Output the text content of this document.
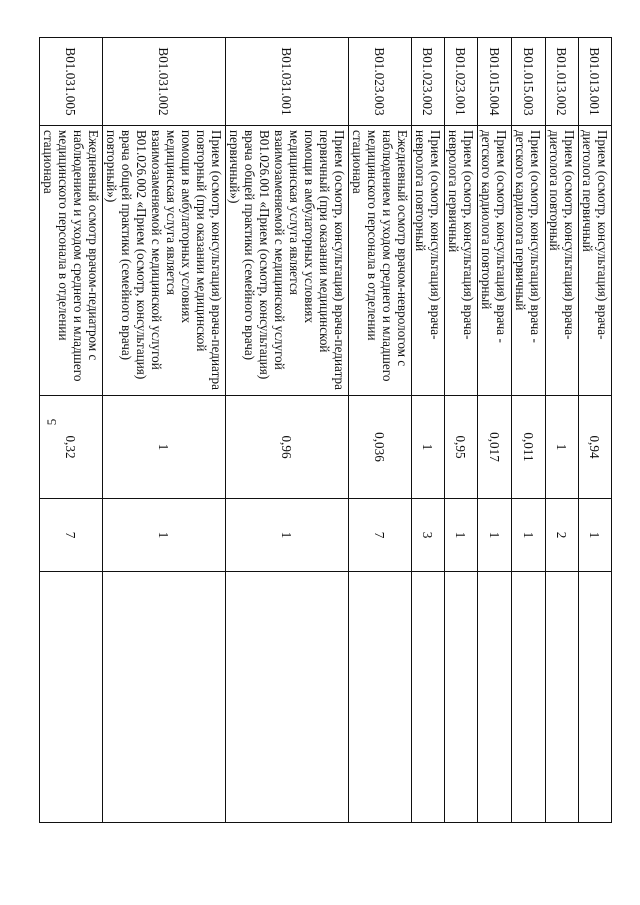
5
B01.013.001	Прием (осмотр, консультация) врача-диетолога первичный	0,94	1	
B01.013.002	Прием (осмотр, консультация) врача-диетолога повторный	1	2	
B01.015.003	Прием (осмотр, консультация) врача - детского кардиолога первичный	0,011	1	
B01.015.004	Прием (осмотр, консультация) врача - детского кардиолога повторный	0,017	1	
B01.023.001	Прием (осмотр, консультация) врача-невролога первичный	0,95	1	
B01.023.002	Прием (осмотр, консультация) врача-невролога повторный	1	3	
B01.023.003	Ежедневный осмотр врачом-неврологом с наблюдением и уходом среднего и младшего медицинского персонала в отделении стационара	0,036	7	
B01.031.001	Прием (осмотр, консультация) врача-педиатра первичный (при оказании медицинской помощи в амбулаторных условиях медицинская услуга является взаимозаменяемой с медицинской услугой B01.026.001 «Прием (осмотр, консультация) врача общей практики (семейного врача) первичный»)	0,96	1	
B01.031.002	Прием (осмотр, консультация) врача-педиатра повторный (при оказании медицинской помощи в амбулаторных условиях медицинская услуга является взаимозаменяемой с медицинской услугой B01.026.002 «Прием (осмотр, консультация) врача общей практики (семейного врача) повторный»)	1	1	
B01.031.005	Ежедневный осмотр врачом-педиатром с наблюдением и уходом среднего и младшего медицинского персонала в отделении стационара	0,32	7	
